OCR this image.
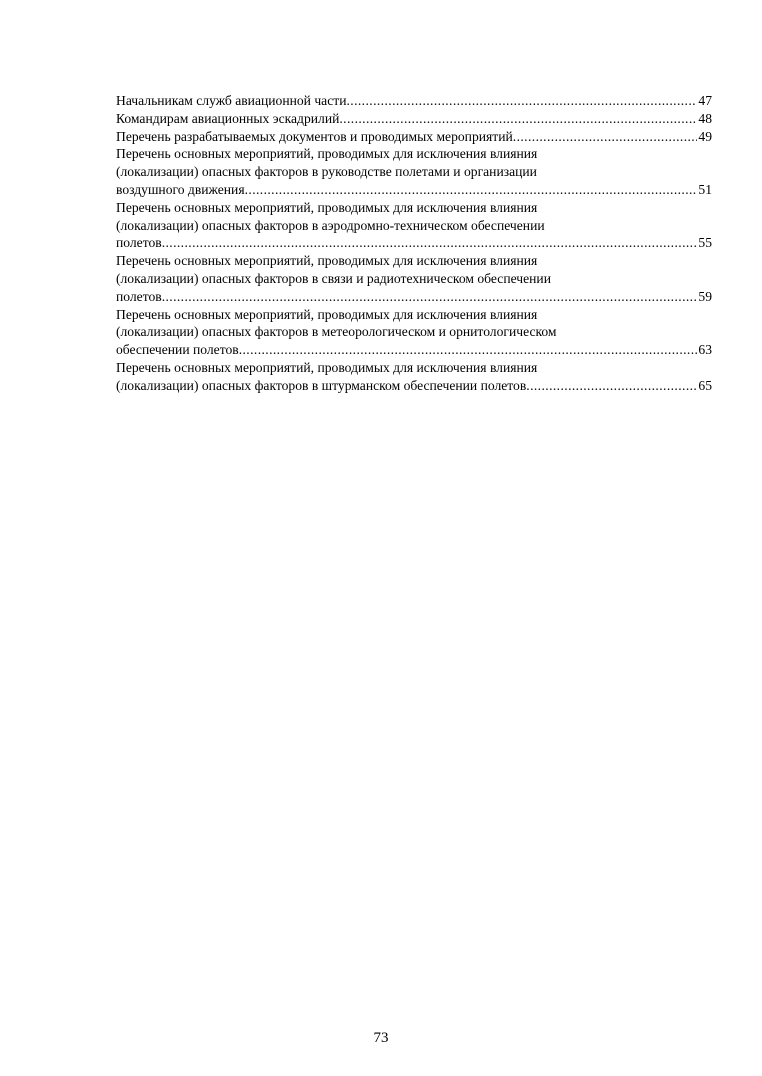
Начальникам служб авиационной части .....	47
Командирам авиационных эскадрилий .....	48
Перечень разрабатываемых документов и проводимых мероприятий .....	49
Перечень основных мероприятий, проводимых для исключения влияния
(локализации) опасных факторов в руководстве полетами и организации
воздушного движения .....	51
Перечень основных мероприятий, проводимых для исключения влияния
(локализации) опасных факторов в аэродромно-техническом обеспечении
полетов .....	55
Перечень основных мероприятий, проводимых для исключения влияния
(локализации) опасных факторов в связи и радиотехническом обеспечении
полетов .....	59
Перечень основных мероприятий, проводимых для исключения влияния
(локализации) опасных факторов в метеорологическом и орнитологическом
обеспечении полетов .....	63
Перечень основных мероприятий, проводимых для исключения влияния
(локализации) опасных факторов в штурманском обеспечении полетов .....	65
73
